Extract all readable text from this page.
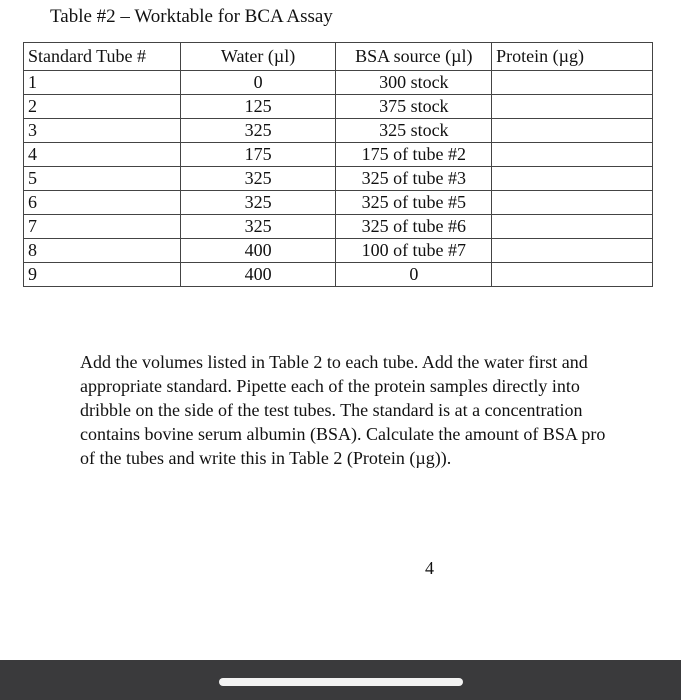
Table #2 – Worktable for BCA Assay
Standard Tube #	Water (µl)	BSA source (µl)	Protein (µg)
1	0	300 stock	
2	125	375 stock	
3	325	325 stock	
4	175	175 of tube #2	
5	325	325 of tube #3	
6	325	325 of tube #5	
7	325	325 of tube #6	
8	400	100 of tube #7	
9	400	0	
Add the volumes listed in Table 2 to each tube. Add the water first and
appropriate standard. Pipette each of the protein samples directly into
dribble on the side of the test tubes. The standard is at a concentration
contains bovine serum albumin (BSA). Calculate the amount of BSA pro
of the tubes and write this in Table 2 (Protein (µg)).
4
